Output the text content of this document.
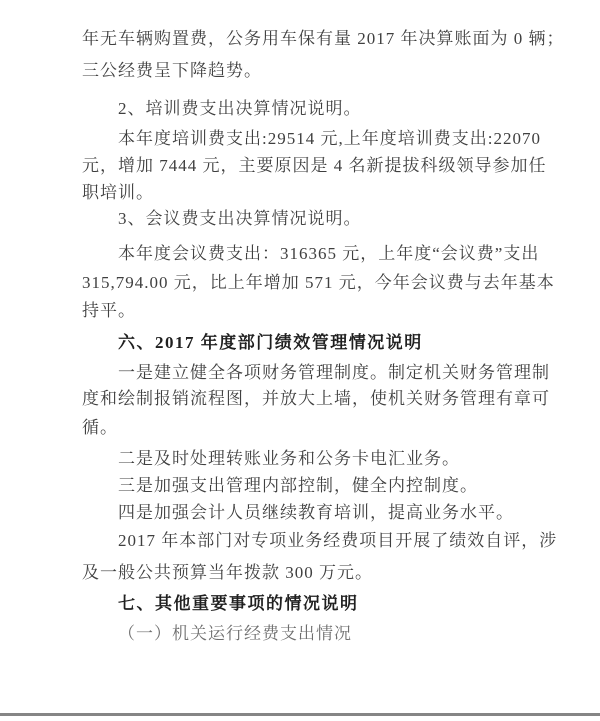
年无车辆购置费，公务用车保有量 2017 年决算账面为 0 辆；
三公经费呈下降趋势。
2、培训费支出决算情况说明。
本年度培训费支出:29514 元,上年度培训费支出:22070
元，增加 7444 元，主要原因是 4 名新提拔科级领导参加任
职培训。
3、会议费支出决算情况说明。
本年度会议费支出：316365 元，上年度“会议费”支出
315,794.00 元，比上年增加 571 元，今年会议费与去年基本
持平。
六、2017 年度部门绩效管理情况说明
一是建立健全各项财务管理制度。制定机关财务管理制
度和绘制报销流程图，并放大上墙，使机关财务管理有章可
循。
二是及时处理转账业务和公务卡电汇业务。
三是加强支出管理内部控制，健全内控制度。
四是加强会计人员继续教育培训，提高业务水平。
2017 年本部门对专项业务经费项目开展了绩效自评，涉
及一般公共预算当年拨款 300 万元。
七、其他重要事项的情况说明
（一）机关运行经费支出情况
